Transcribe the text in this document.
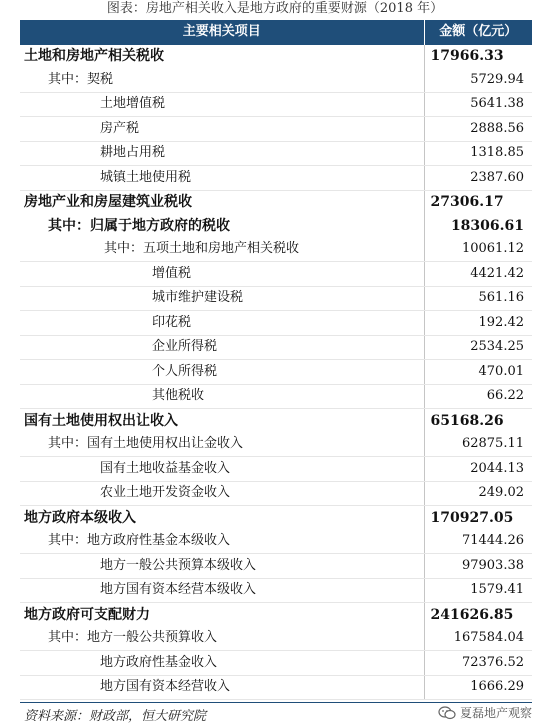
图表：房地产相关收入是地方政府的重要财源（2018 年）
主要相关项目	金额（亿元）
土地和房地产相关税收	17966.33
其中：契税	5729.94
土地增值税	5641.38
房产税	2888.56
耕地占用税	1318.85
城镇土地使用税	2387.60
房地产业和房屋建筑业税收	27306.17
其中：归属于地方政府的税收	18306.61
其中：五项土地和房地产相关税收	10061.12
增值税	4421.42
城市维护建设税	561.16
印花税	192.42
企业所得税	2534.25
个人所得税	470.01
其他税收	66.22
国有土地使用权出让收入	65168.26
其中：国有土地使用权出让金收入	62875.11
国有土地收益基金收入	2044.13
农业土地开发资金收入	249.02
地方政府本级收入	170927.05
其中：地方政府性基金本级收入	71444.26
地方一般公共预算本级收入	97903.38
地方国有资本经营本级收入	1579.41
地方政府可支配财力	241626.85
其中：地方一般公共预算收入	167584.04
地方政府性基金收入	72376.52
地方国有资本经营收入	1666.29
资料来源：财政部，恒大研究院	夏磊地产观察
